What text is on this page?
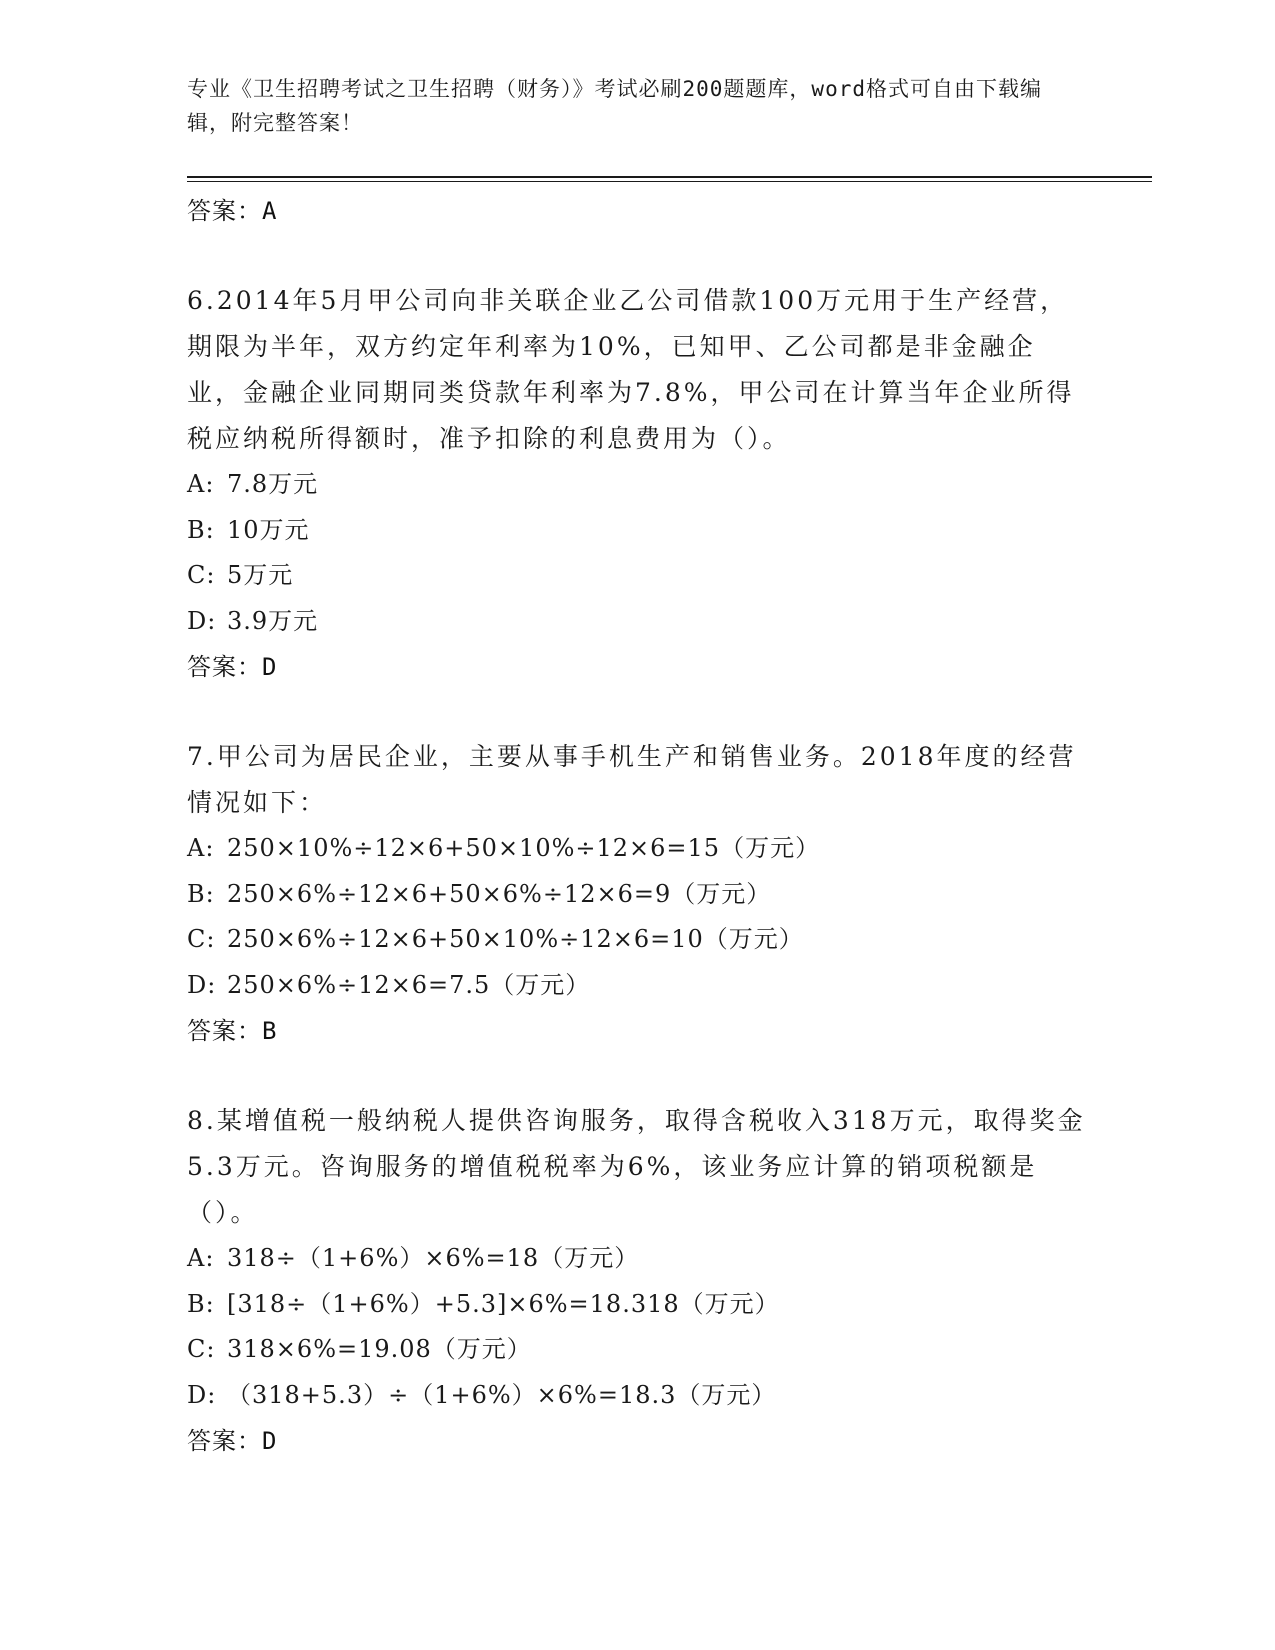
专业《卫生招聘考试之卫生招聘（财务）》考试必刷200题题库，word格式可自由下载编辑，附完整答案！
答案：A

6.2014年5月甲公司向非关联企业乙公司借款100万元用于生产经营，期限为半年，双方约定年利率为10%，已知甲、乙公司都是非金融企业，金融企业同期同类贷款年利率为7.8%，甲公司在计算当年企业所得税应纳税所得额时，准予扣除的利息费用为（）。

A: 7.8万元
B: 10万元
C: 5万元
D: 3.9万元
答案：D

7.甲公司为居民企业，主要从事手机生产和销售业务。2018年度的经营情况如下：

A: 250×10%÷12×6+50×10%÷12×6=15（万元）
B: 250×6%÷12×6+50×6%÷12×6=9（万元）
C: 250×6%÷12×6+50×10%÷12×6=10（万元）
D: 250×6%÷12×6=7.5（万元）
答案：B

8.某增值税一般纳税人提供咨询服务，取得含税收入318万元，取得奖金5.3万元。咨询服务的增值税税率为6%，该业务应计算的销项税额是（）。

A: 318÷（1+6%）×6%=18（万元）
B: [318÷（1+6%）+5.3]×6%=18.318（万元）
C: 318×6%=19.08（万元）
D: （318+5.3）÷（1+6%）×6%=18.3（万元）
答案：D
